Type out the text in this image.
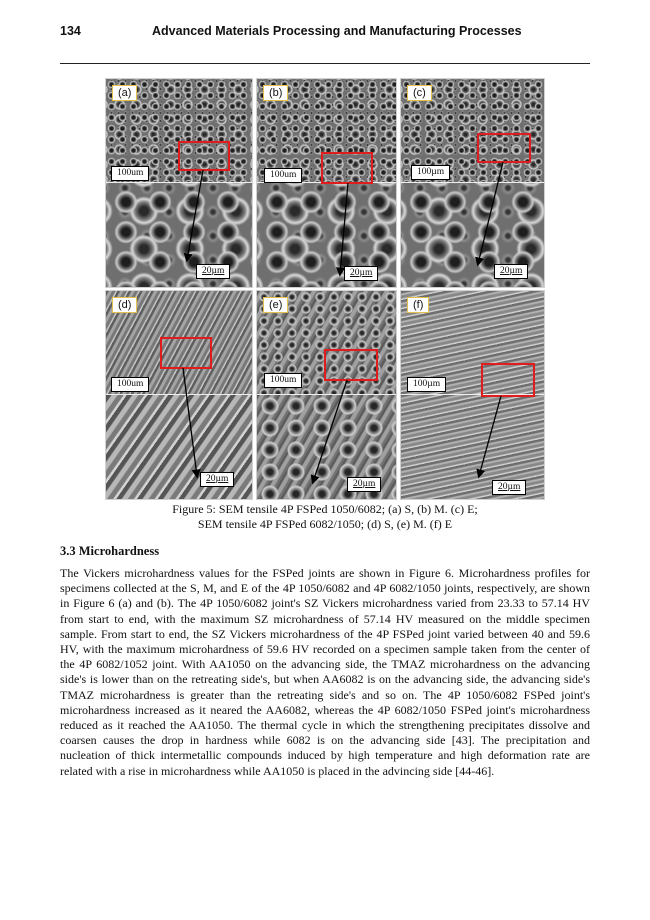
134	Advanced Materials Processing and Manufacturing Processes
(a)
100um
20µm
(b)
100um
20µm
(c)
100µm
20µm
(d)
100um
20µm
(e)
100um
20µm
(f)
100µm
20µm
Figure 5: SEM tensile 4P FSPed 1050/6082; (a) S, (b) M. (c) E;
SEM tensile 4P FSPed 6082/1050; (d) S, (e) M. (f) E
3.3 Microhardness

The Vickers microhardness values for the FSPed joints are shown in Figure 6. Microhardness profiles for specimens collected at the S, M, and E of the 4P 1050/6082 and 4P 6082/1050 joints, respectively, are shown in Figure 6 (a) and (b). The 4P 1050/6082 joint's SZ Vickers microhardness varied from 23.33 to 57.14 HV from start to end, with the maximum SZ microhardness of 57.14 HV measured on the middle specimen sample. From start to end, the SZ Vickers microhardness of the 4P FSPed joint varied between 40 and 59.6 HV, with the maximum microhardness of 59.6 HV recorded on a specimen sample taken from the center of the 4P 6082/1052 joint. With AA1050 on the advancing side, the TMAZ microhardness on the advancing side's is lower than on the retreating side's, but when AA6082 is on the advancing side, the advancing side's TMAZ microhardness is greater than the retreating side's and so on. The 4P 1050/6082 FSPed joint's microhardness increased as it neared the AA6082, whereas the 4P 6082/1050 FSPed joint's microhardness reduced as it reached the AA1050. The thermal cycle in which the strengthening precipitates dissolve and coarsen causes the drop in hardness while 6082 is on the advancing side [43]. The precipitation and nucleation of thick intermetallic compounds induced by high temperature and high deformation rate are related with a rise in microhardness while AA1050 is placed in the advincing side [44-46].
